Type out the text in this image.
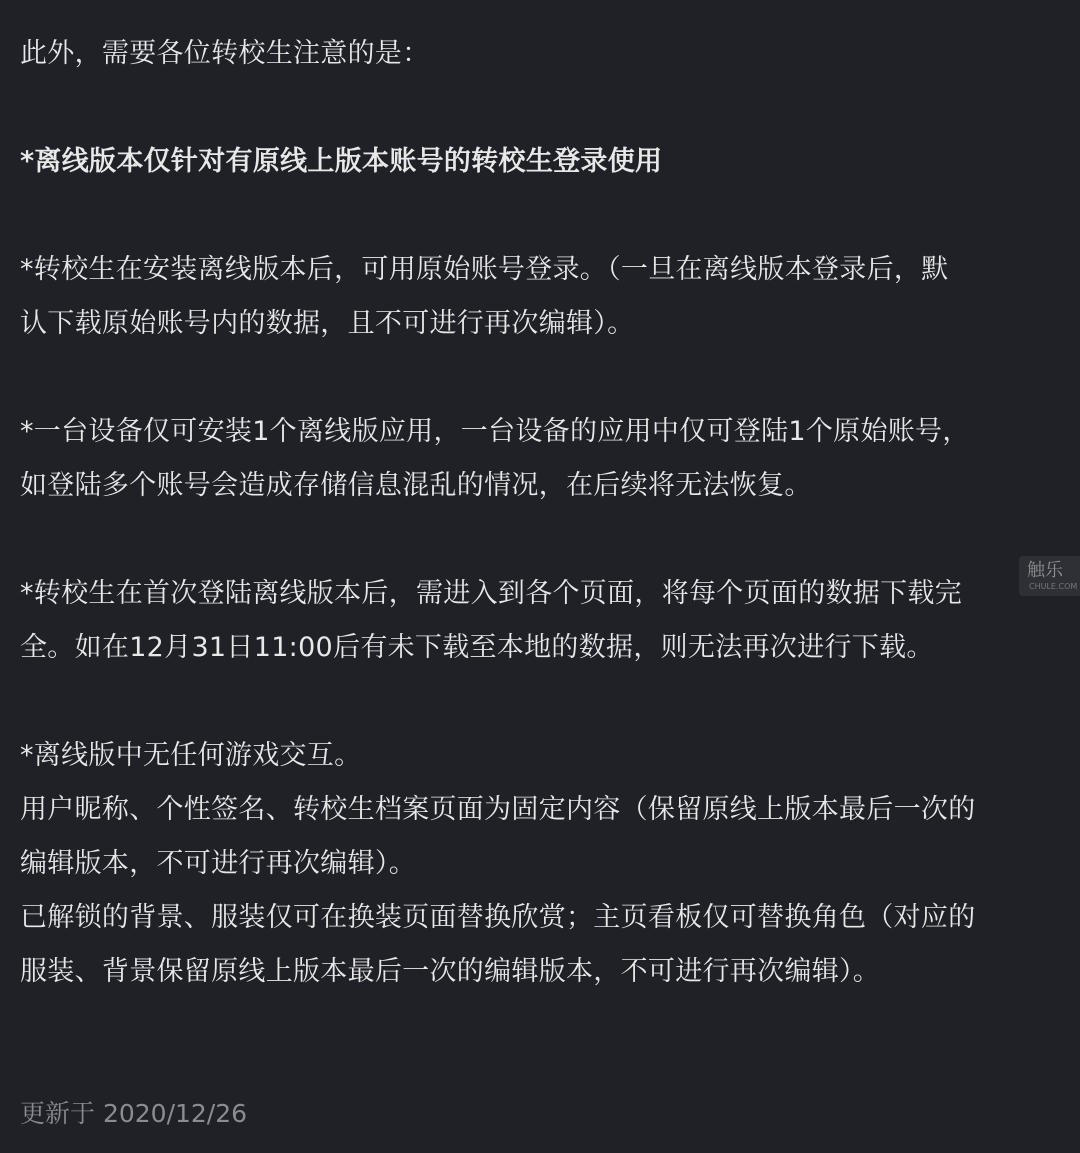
此外，需要各位转校生注意的是：
*离线版本仅针对有原线上版本账号的转校生登录使用
*转校生在安装离线版本后，可用原始账号登录。（一旦在离线版本登录后，默
认下载原始账号内的数据，且不可进行再次编辑）。
*一台设备仅可安装1个离线版应用，一台设备的应用中仅可登陆1个原始账号，
如登陆多个账号会造成存储信息混乱的情况，在后续将无法恢复。
*转校生在首次登陆离线版本后，需进入到各个页面，将每个页面的数据下载完
全。如在12月31日11:00后有未下载至本地的数据，则无法再次进行下载。
*离线版中无任何游戏交互。
用户昵称、个性签名、转校生档案页面为固定内容（保留原线上版本最后一次的
编辑版本，不可进行再次编辑）。
已解锁的背景、服装仅可在换装页面替换欣赏；主页看板仅可替换角色（对应的
服装、背景保留原线上版本最后一次的编辑版本，不可进行再次编辑）。
更新于 2020/12/26
触乐
CHULE.COM
